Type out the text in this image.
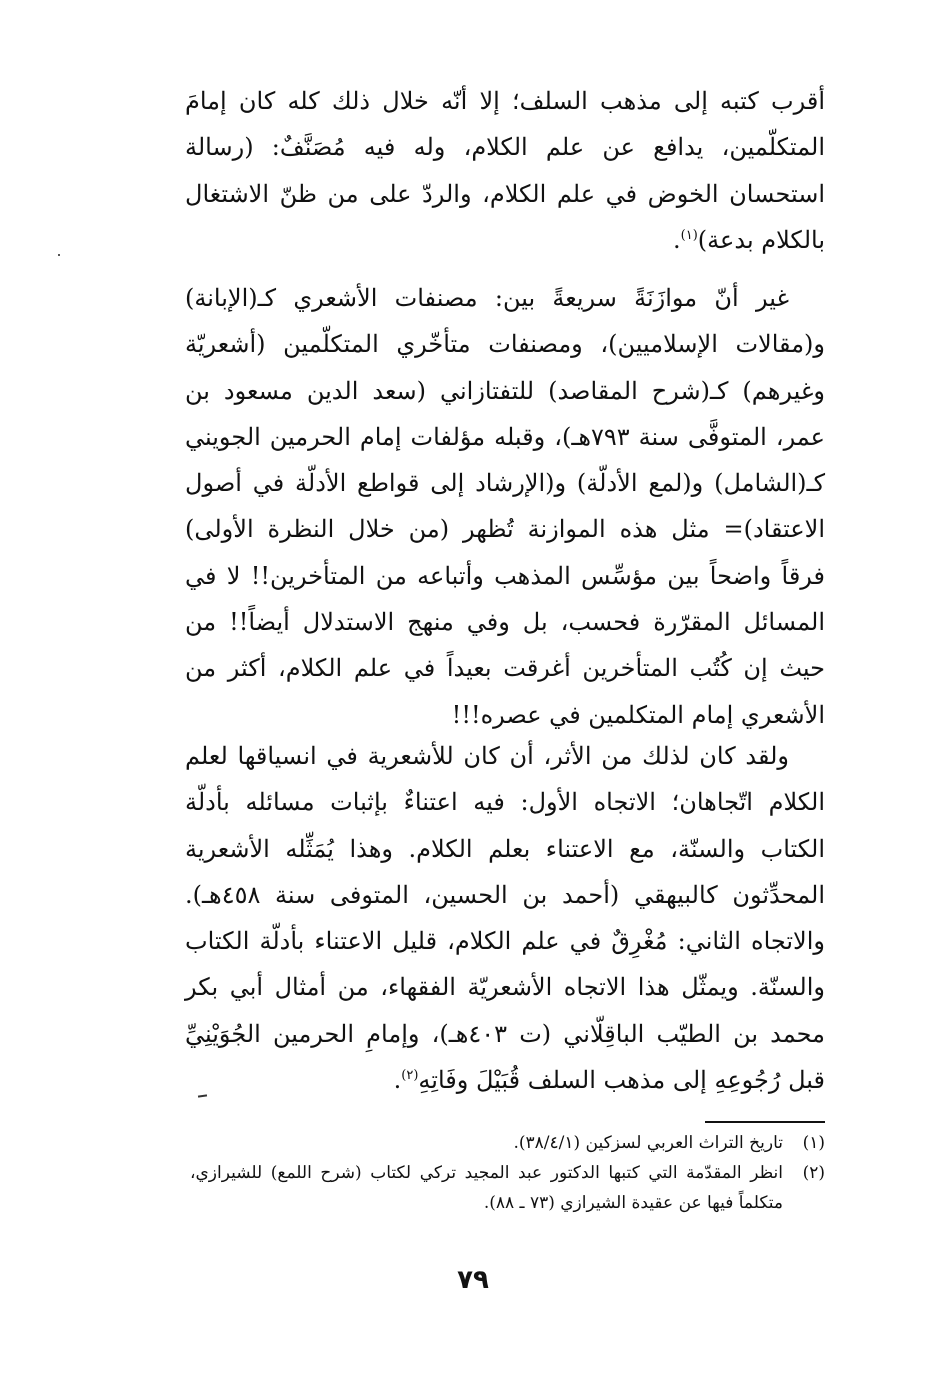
أقرب كتبه إلى مذهب السلف؛ إلا أنّه خلال ذلك كله كان إمامَ المتكلّمين، يدافع عن علم الكلام، وله فيه مُصَنَّفٌ: (رسالة استحسان الخوض في علم الكلام، والردّ على من ظنّ الاشتغال بالكلام بدعة)$^{(١)}$.
غير أنّ موازَنَةً سريعةً بين: مصنفات الأشعري كـ(الإبانة) و(مقالات الإسلاميين)، ومصنفات متأخّري المتكلّمين (أشعريّة وغيرهم) كـ(شرح المقاصد) للتفتازاني (سعد الدين مسعود بن عمر، المتوفَّى سنة ٧٩٣هـ)، وقبله مؤلفات إمام الحرمين الجويني كـ(الشامل) و(لمع الأدلّة) و(الإرشاد إلى قواطع الأدلّة في أصول الاعتقاد)= مثل هذه الموازنة تُظهر (من خلال النظرة الأولى) فرقاً واضحاً بين مؤسِّس المذهب وأتباعه من المتأخرين!! لا في المسائل المقرّرة فحسب، بل وفي منهج الاستدلال أيضاً!! من حيث إن كُتُب المتأخرين أغرقت بعيداً في علم الكلام، أكثر من الأشعري إمام المتكلمين في عصره!!!
ولقد كان لذلك من الأثر، أن كان للأشعرية في انسياقها لعلم الكلام اتّجاهان؛ الاتجاه الأول: فيه اعتناءٌ بإثبات مسائله بأدلّة الكتاب والسنّة، مع الاعتناء بعلم الكلام. وهذا يُمَثِّله الأشعرية المحدِّثون كالبيهقي (أحمد بن الحسين، المتوفى سنة ٤٥٨هـ). والاتجاه الثاني: مُغْرِقٌ في علم الكلام، قليل الاعتناء بأدلّة الكتاب والسنّة. ويمثّل هذا الاتجاه الأشعريّة الفقهاء، من أمثال أبي بكر محمد بن الطيّب الباقِلّاني (ت ٤٠٣هـ)، وإمامِ الحرمين الجُوَيْنِيِّ قبل رُجُوعِهِ إلى مذهب السلف قُبَيْلَ وفَاتِهِ$^{(٢)}$.
(١)
تاريخ التراث العربي لسزكين (٣٨/٤/١).
(٢)
انظر المقدّمة التي كتبها الدكتور عبد المجيد تركي لكتاب (شرح اللمع) للشيرازي، متكلماً فيها عن عقيدة الشيرازي (٧٣ ـ ٨٨).
٧٩
